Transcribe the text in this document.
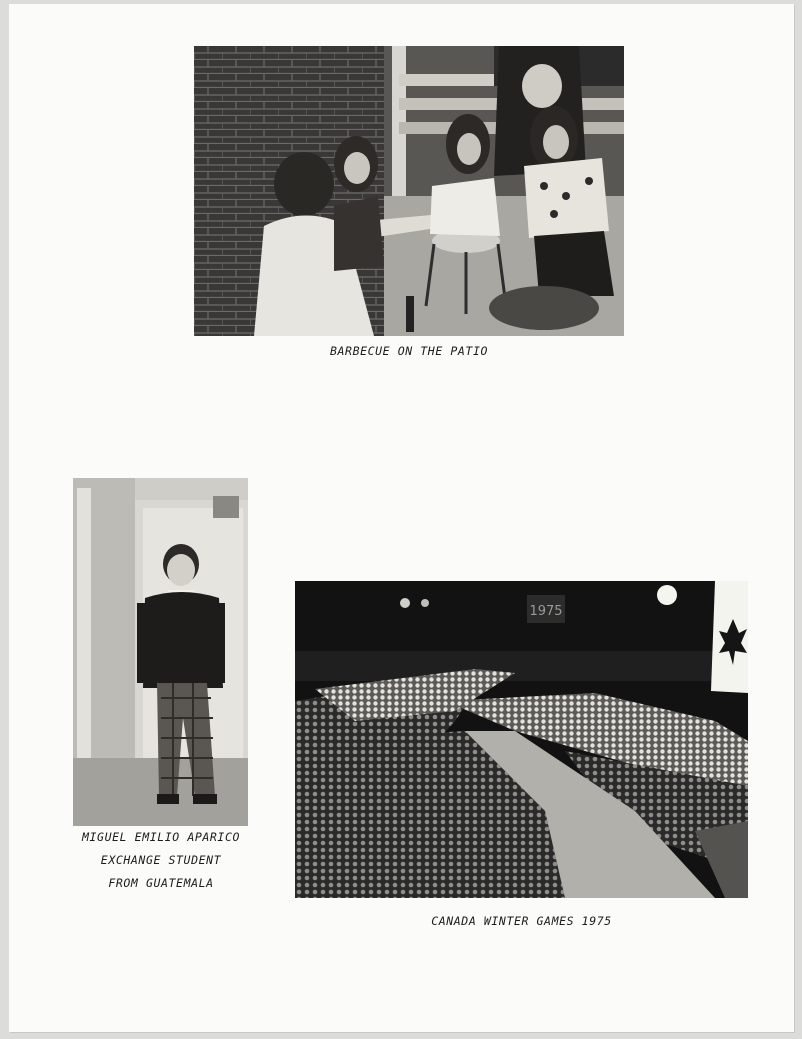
BARBECUE ON THE PATIO
MIGUEL EMILIO APARICO
EXCHANGE STUDENT
FROM GUATEMALA
1975
CANADA WINTER GAMES 1975
